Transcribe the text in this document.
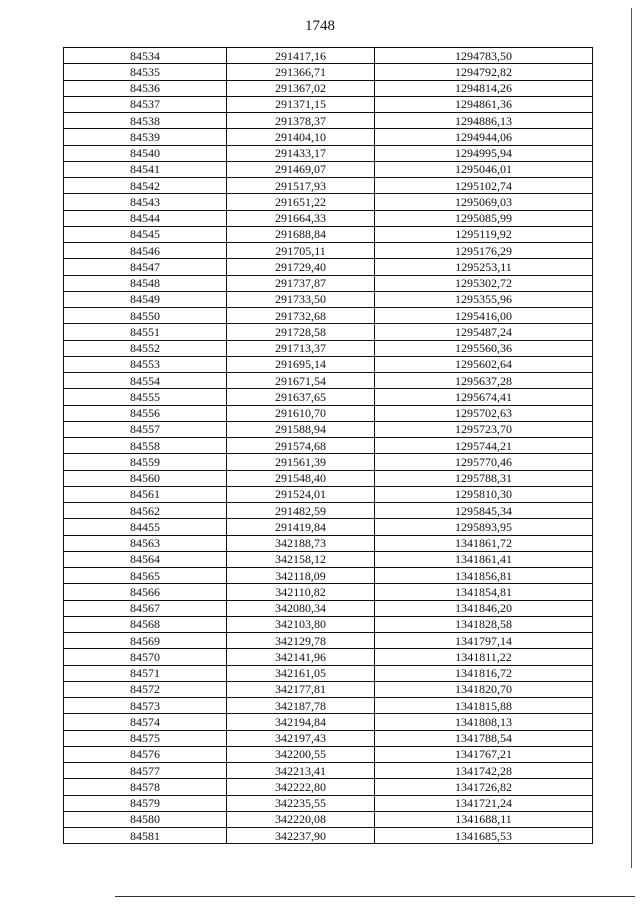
1748
84534	291417,16	1294783,50
84535	291366,71	1294792,82
84536	291367,02	1294814,26
84537	291371,15	1294861,36
84538	291378,37	1294886,13
84539	291404,10	1294944,06
84540	291433,17	1294995,94
84541	291469,07	1295046,01
84542	291517,93	1295102,74
84543	291651,22	1295069,03
84544	291664,33	1295085,99
84545	291688,84	1295119,92
84546	291705,11	1295176,29
84547	291729,40	1295253,11
84548	291737,87	1295302,72
84549	291733,50	1295355,96
84550	291732,68	1295416,00
84551	291728,58	1295487,24
84552	291713,37	1295560,36
84553	291695,14	1295602,64
84554	291671,54	1295637,28
84555	291637,65	1295674,41
84556	291610,70	1295702,63
84557	291588,94	1295723,70
84558	291574,68	1295744,21
84559	291561,39	1295770,46
84560	291548,40	1295788,31
84561	291524,01	1295810,30
84562	291482,59	1295845,34
84455	291419,84	1295893,95
84563	342188,73	1341861,72
84564	342158,12	1341861,41
84565	342118,09	1341856,81
84566	342110,82	1341854,81
84567	342080,34	1341846,20
84568	342103,80	1341828,58
84569	342129,78	1341797,14
84570	342141,96	1341811,22
84571	342161,05	1341816,72
84572	342177,81	1341820,70
84573	342187,78	1341815,88
84574	342194,84	1341808,13
84575	342197,43	1341788,54
84576	342200,55	1341767,21
84577	342213,41	1341742,28
84578	342222,80	1341726,82
84579	342235,55	1341721,24
84580	342220,08	1341688,11
84581	342237,90	1341685,53
